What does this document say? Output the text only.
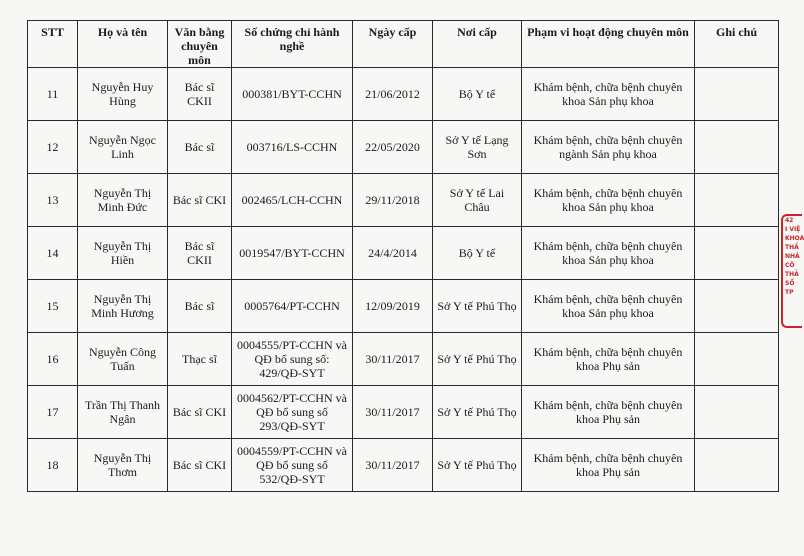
STT	Họ và tên	Văn bằng chuyên môn	Số chứng chỉ hành nghề	Ngày cấp	Nơi cấp	Phạm vi hoạt động chuyên môn	Ghi chú
11	Nguyễn Huy Hùng	Bác sĩ CKII	000381/BYT-CCHN	21/06/2012	Bộ Y tế	Khám bệnh, chữa bệnh chuyên khoa Sản phụ khoa	
12	Nguyễn Ngọc Linh	Bác sĩ	003716/LS-CCHN	22/05/2020	Sở Y tế Lạng Sơn	Khám bệnh, chữa bệnh chuyên ngành Sản phụ khoa	
13	Nguyễn Thị Minh Đức	Bác sĩ CKI	002465/LCH-CCHN	29/11/2018	Sở Y tế Lai Châu	Khám bệnh, chữa bệnh chuyên khoa Sản phụ khoa	
14	Nguyễn Thị Hiền	Bác sĩ CKII	0019547/BYT-CCHN	24/4/2014	Bộ Y tế	Khám bệnh, chữa bệnh chuyên khoa Sản phụ khoa	
15	Nguyễn Thị Minh Hương	Bác sĩ	0005764/PT-CCHN	12/09/2019	Sở Y tế Phú Thọ	Khám bệnh, chữa bệnh chuyên khoa Sản phụ khoa	
16	Nguyễn Công Tuấn	Thạc sĩ	0004555/PT-CCHN và QĐ bổ sung số: 429/QĐ-SYT	30/11/2017	Sở Y tế Phú Thọ	Khám bệnh, chữa bệnh chuyên khoa Phụ sản	
17	Trần Thị Thanh Ngân	Bác sĩ CKI	0004562/PT-CCHN và QĐ bổ sung số 293/QĐ-SYT	30/11/2017	Sở Y tế Phú Thọ	Khám bệnh, chữa bệnh chuyên khoa Phụ sản	
18	Nguyễn Thị Thơm	Bác sĩ CKI	0004559/PT-CCHN và QĐ bổ sung số 532/QĐ-SYT	30/11/2017	Sở Y tế Phú Thọ	Khám bệnh, chữa bệnh chuyên khoa Phụ sản	
42
I VIỆ
KHOA
THẦ
NHÂ
CÔ
THẢ
SỐ
TP
